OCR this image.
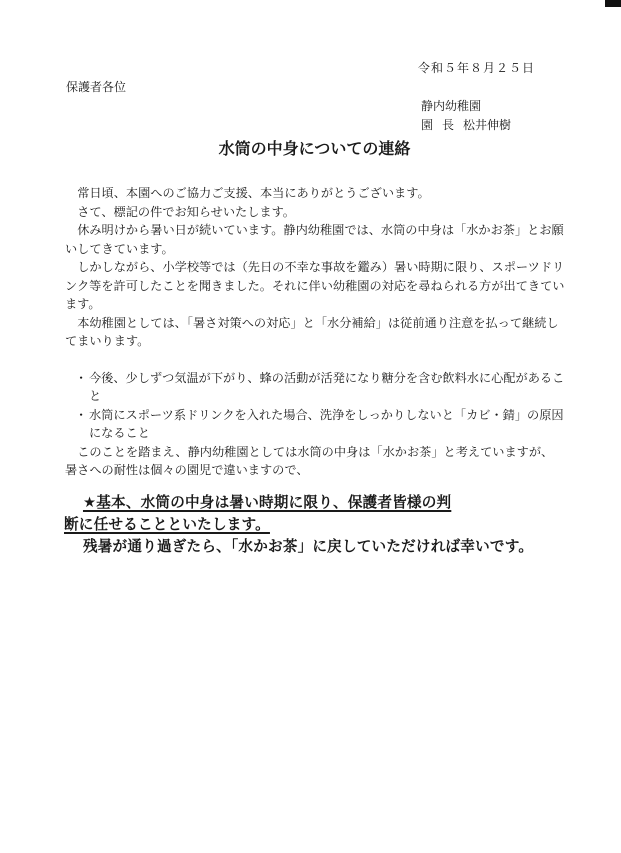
令和５年８月２５日
保護者各位
静内幼稚園
園長松井伸樹
水筒の中身についての連絡

常日頃、本園へのご協力ご支援、本当にありがとうございます。

さて、標記の件でお知らせいたします。

休み明けから暑い日が続いています。静内幼稚園では、水筒の中身は「水かお茶」とお願いしてきています。

しかしながら、小学校等では（先日の不幸な事故を鑑み）暑い時期に限り、スポーツドリンク等を許可したことを聞きました。それに伴い幼稚園の対応を尋ねられる方が出てきています。

本幼稚園としては、「暑さ対策への対応」と「水分補給」は従前通り注意を払って継続してまいります。

・ 今後、少しずつ気温が下がり、蜂の活動が活発になり糖分を含む飲料水に心配があること
・ 水筒にスポーツ系ドリンクを入れた場合、洗浄をしっかりしないと「カビ・錆」の原因になること

このことを踏まえ、静内幼稚園としては水筒の中身は「水かお茶」と考えていますが、暑さへの耐性は個々の園児で違いますので、

★基本、水筒の中身は暑い時期に限り、保護者皆様の判
断に任せることといたします。
残暑が通り過ぎたら、「水かお茶」に戻していただければ幸いです。
